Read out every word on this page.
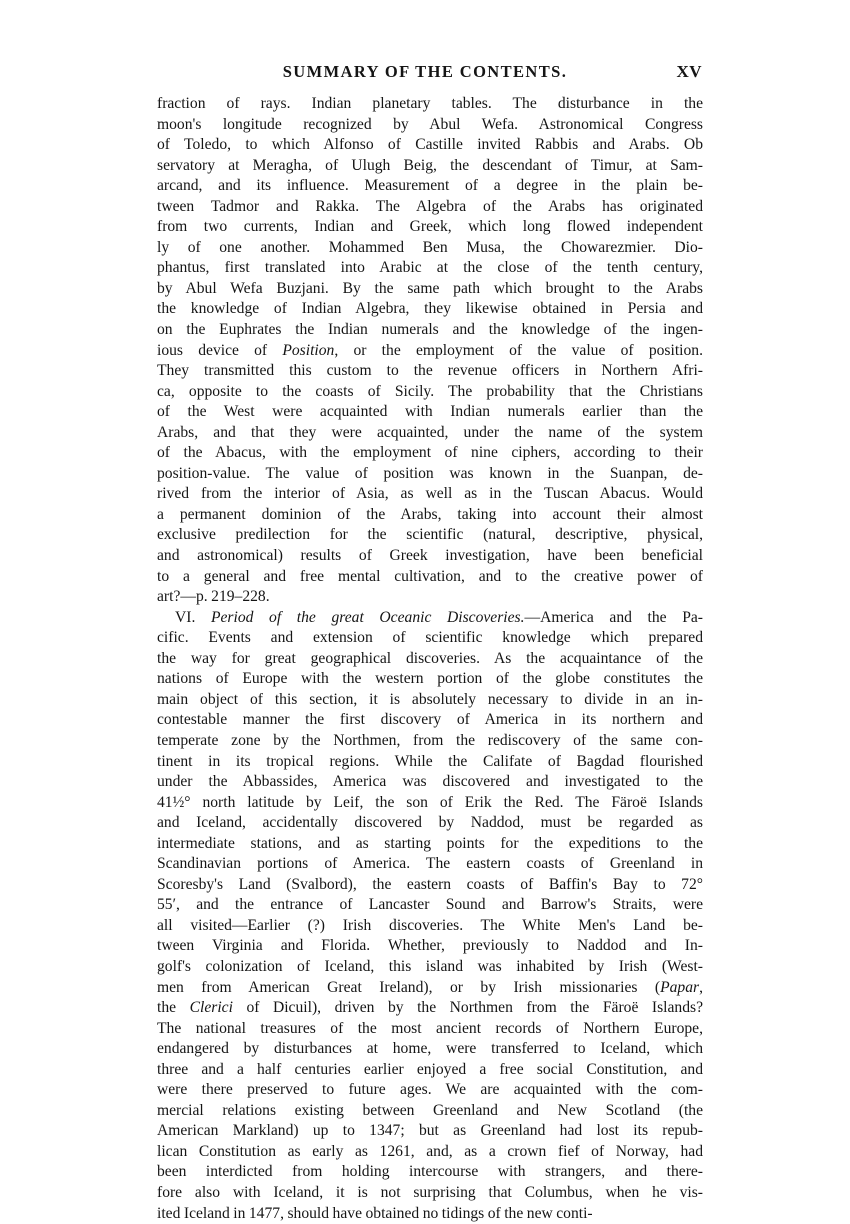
SUMMARY OF THE CONTENTS.	XV
fraction of rays. Indian planetary tables. The disturbance in the
moon's longitude recognized by Abul Wefa. Astronomical Congress
of Toledo, to which Alfonso of Castille invited Rabbis and Arabs. Ob
servatory at Meragha, of Ulugh Beig, the descendant of Timur, at Sam-
arcand, and its influence. Measurement of a degree in the plain be-
tween Tadmor and Rakka. The Algebra of the Arabs has originated
from two currents, Indian and Greek, which long flowed independent
ly of one another. Mohammed Ben Musa, the Chowarezmier. Dio-
phantus, first translated into Arabic at the close of the tenth century,
by Abul Wefa Buzjani. By the same path which brought to the Arabs
the knowledge of Indian Algebra, they likewise obtained in Persia and
on the Euphrates the Indian numerals and the knowledge of the ingen-
ious device of Position, or the employment of the value of position.
They transmitted this custom to the revenue officers in Northern Afri-
ca, opposite to the coasts of Sicily. The probability that the Christians
of the West were acquainted with Indian numerals earlier than the
Arabs, and that they were acquainted, under the name of the system
of the Abacus, with the employment of nine ciphers, according to their
position-value. The value of position was known in the Suanpan, de-
rived from the interior of Asia, as well as in the Tuscan Abacus. Would
a permanent dominion of the Arabs, taking into account their almost
exclusive predilection for the scientific (natural, descriptive, physical,
and astronomical) results of Greek investigation, have been beneficial
to a general and free mental cultivation, and to the creative power of
art?—p. 219–228.
VI. Period of the great Oceanic Discoveries.—America and the Pa-
cific. Events and extension of scientific knowledge which prepared
the way for great geographical discoveries. As the acquaintance of the
nations of Europe with the western portion of the globe constitutes the
main object of this section, it is absolutely necessary to divide in an in-
contestable manner the first discovery of America in its northern and
temperate zone by the Northmen, from the rediscovery of the same con-
tinent in its tropical regions. While the Califate of Bagdad flourished
under the Abbassides, America was discovered and investigated to the
41½° north latitude by Leif, the son of Erik the Red. The Färoë Islands
and Iceland, accidentally discovered by Naddod, must be regarded as
intermediate stations, and as starting points for the expeditions to the
Scandinavian portions of America. The eastern coasts of Greenland in
Scoresby's Land (Svalbord), the eastern coasts of Baffin's Bay to 72°
55′, and the entrance of Lancaster Sound and Barrow's Straits, were
all visited—Earlier (?) Irish discoveries. The White Men's Land be-
tween Virginia and Florida. Whether, previously to Naddod and In-
golf's colonization of Iceland, this island was inhabited by Irish (West-
men from American Great Ireland), or by Irish missionaries (Papar,
the Clerici of Dicuil), driven by the Northmen from the Färoë Islands?
The national treasures of the most ancient records of Northern Europe,
endangered by disturbances at home, were transferred to Iceland, which
three and a half centuries earlier enjoyed a free social Constitution, and
were there preserved to future ages. We are acquainted with the com-
mercial relations existing between Greenland and New Scotland (the
American Markland) up to 1347; but as Greenland had lost its repub-
lican Constitution as early as 1261, and, as a crown fief of Norway, had
been interdicted from holding intercourse with strangers, and there-
fore also with Iceland, it is not surprising that Columbus, when he vis-
ited Iceland in 1477, should have obtained no tidings of the new conti-
